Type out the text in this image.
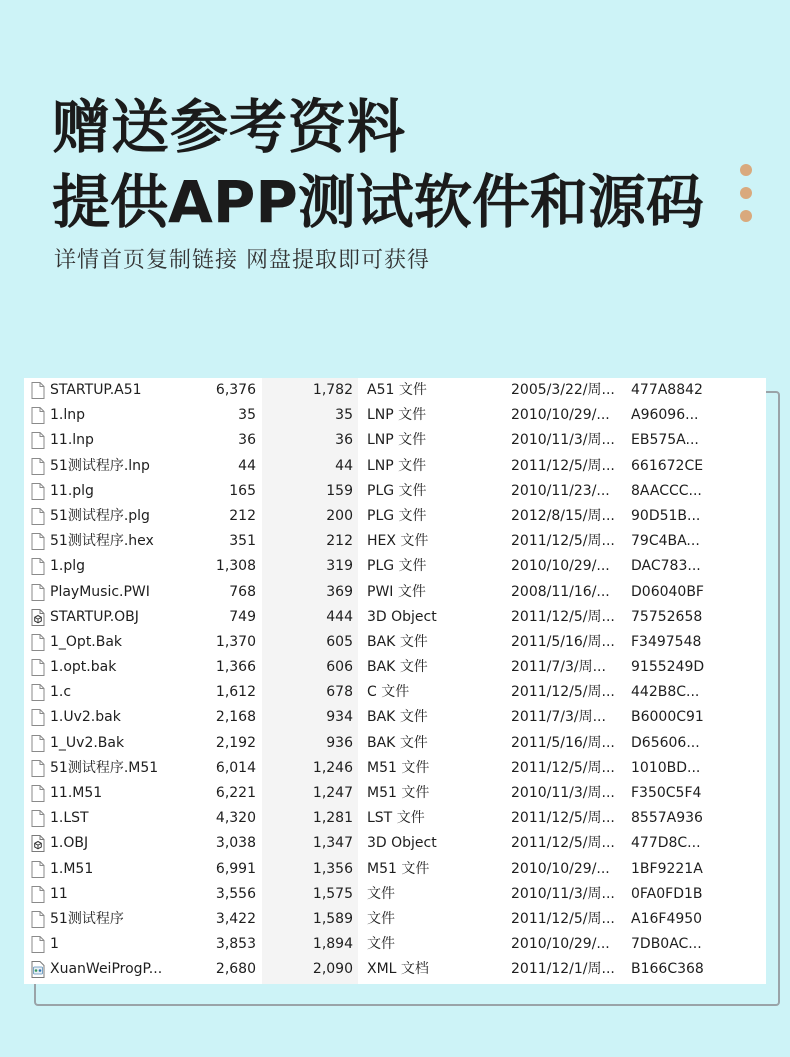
赠送参考资料
提供APP测试软件和源码
详情首页复制链接 网盘提取即可获得
STARTUP.A51	6,376	1,782 A51 文件	2005/3/22/周...	477A8842
1.lnp	35	35 LNP 文件	2010/10/29/...	A96096...
11.lnp	36	36 LNP 文件	2010/11/3/周...	EB575A...
51测试程序.lnp	44	44 LNP 文件	2011/12/5/周...	661672CE
11.plg	165	159 PLG 文件	2010/11/23/...	8AACCC...
51测试程序.plg	212	200 PLG 文件	2012/8/15/周...	90D51B...
51测试程序.hex	351	212 HEX 文件	2011/12/5/周...	79C4BA...
1.plg	1,308	319 PLG 文件	2010/10/29/...	DAC783...
PlayMusic.PWI	768	369 PWI 文件	2008/11/16/...	D06040BF
STARTUP.OBJ	749	444 3D Object	2011/12/5/周...	75752658
1_Opt.Bak	1,370	605 BAK 文件	2011/5/16/周...	F3497548
1.opt.bak	1,366	606 BAK 文件	2011/7/3/周...	9155249D
1.c	1,612	678 C 文件	2011/12/5/周...	442B8C...
1.Uv2.bak	2,168	934 BAK 文件	2011/7/3/周...	B6000C91
1_Uv2.Bak	2,192	936 BAK 文件	2011/5/16/周...	D65606...
51测试程序.M51	6,014	1,246 M51 文件	2011/12/5/周...	1010BD...
11.M51	6,221	1,247 M51 文件	2010/11/3/周...	F350C5F4
1.LST	4,320	1,281 LST 文件	2011/12/5/周...	8557A936
1.OBJ	3,038	1,347 3D Object	2011/12/5/周...	477D8C...
1.M51	6,991	1,356 M51 文件	2010/10/29/...	1BF9221A
11	3,556	1,575 文件	2010/11/3/周...	0FA0FD1B
51测试程序	3,422	1,589 文件	2011/12/5/周...	A16F4950
1	3,853	1,894 文件	2010/10/29/...	7DB0AC...
XuanWeiProgP...	2,680	2,090 XML 文档	2011/12/1/周...	B166C368
